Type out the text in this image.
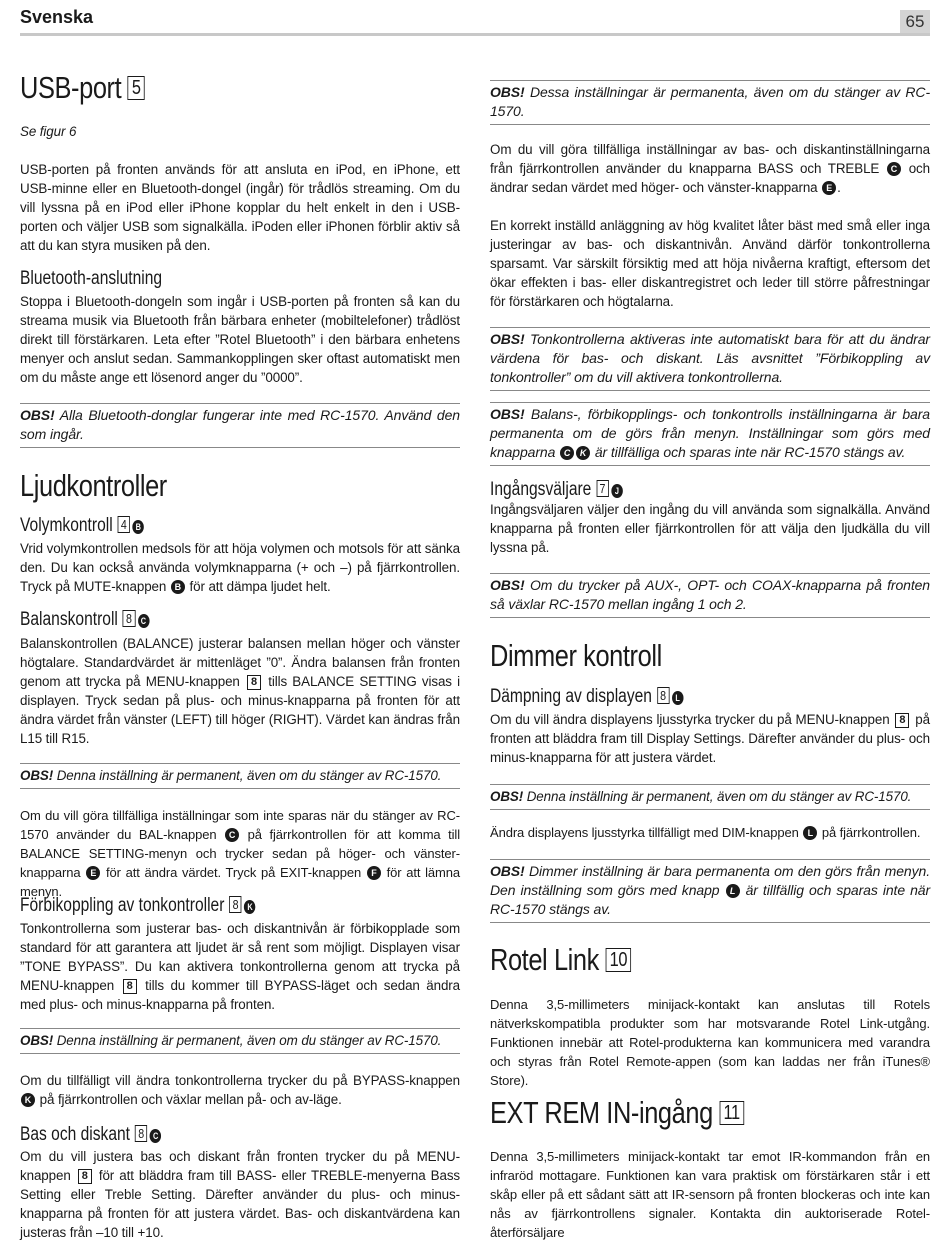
Svenska	65
USB-port 5

Se figur 6

USB-porten på fronten används för att ansluta en iPod, en iPhone, ett USB-minne eller en Bluetooth-dongel (ingår) för trådlös streaming. Om du vill lyssna på en iPod eller iPhone kopplar du helt enkelt in den i USB-porten och väljer USB som signalkälla. iPoden eller iPhonen förblir aktiv så att du kan styra musiken på den.

Bluetooth-anslutning

Stoppa i Bluetooth-dongeln som ingår i USB-porten på fronten så kan du streama musik via Bluetooth från bärbara enheter (mobiltelefoner) trådlöst direkt till förstärkaren. Leta efter ”Rotel Bluetooth” i den bärbara enhetens menyer och anslut sedan. Sammankopplingen sker oftast automatiskt men om du måste ange ett lösenord anger du ”0000”.

OBS! Alla Bluetooth-donglar fungerar inte med RC-1570. Använd den som ingår.

Ljudkontroller
Volymkontroll 4 B

Vrid volymkontrollen medsols för att höja volymen och motsols för att sänka den. Du kan också använda volymknapparna (+ och –) på fjärrkontrollen. Tryck på MUTE-knappen B för att dämpa ljudet helt.

Balanskontroll 8 C

Balanskontrollen (BALANCE) justerar balansen mellan höger och vänster högtalare. Standardvärdet är mittenläget ”0”. Ändra balansen från fronten genom att trycka på MENU-knappen 8 tills BALANCE SETTING visas i displayen. Tryck sedan på plus- och minus-knapparna på fronten för att ändra värdet från vänster (LEFT) till höger (RIGHT). Värdet kan ändras från L15 till R15.

OBS! Denna inställning är permanent, även om du stänger av RC-1570.

Om du vill göra tillfälliga inställningar som inte sparas när du stänger av RC-1570 använder du BAL-knappen C på fjärrkontrollen för att komma till BALANCE SETTING-menyn och trycker sedan på höger- och vänster-knapparna E för att ändra värdet. Tryck på EXIT-knappen F för att lämna menyn.

Förbikoppling av tonkontroller 8 K

Tonkontrollerna som justerar bas- och diskantnivån är förbikopplade som standard för att garantera att ljudet är så rent som möjligt. Displayen visar ”TONE BYPASS”. Du kan aktivera tonkontrollerna genom att trycka på MENU-knappen 8 tills du kommer till BYPASS-läget och sedan ändra med plus- och minus-knapparna på fronten.

OBS! Denna inställning är permanent, även om du stänger av RC-1570.

Om du tillfälligt vill ändra tonkontrollerna trycker du på BYPASS-knappen K på fjärrkontrollen och växlar mellan på- och av-läge.

Bas och diskant 8 C

Om du vill justera bas och diskant från fronten trycker du på MENU-knappen 8 för att bläddra fram till BASS- eller TREBLE-menyerna Bass Setting eller Treble Setting. Därefter använder du plus- och minus-knapparna på fronten för att justera värdet. Bas- och diskantvärdena kan justeras från –10 till +10.

OBS! Dessa inställningar är permanenta, även om du stänger av RC-1570.

Om du vill göra tillfälliga inställningar av bas- och diskantinställningarna från fjärrkontrollen använder du knapparna BASS och TREBLE C och ändrar sedan värdet med höger- och vänster-knapparna E .

En korrekt inställd anläggning av hög kvalitet låter bäst med små eller inga justeringar av bas- och diskantnivån. Använd därför tonkontrollerna sparsamt. Var särskilt försiktig med att höja nivåerna kraftigt, eftersom det ökar effekten i bas- eller diskantregistret och leder till större påfrestningar för förstärkaren och högtalarna.

OBS! Tonkontrollerna aktiveras inte automatiskt bara för att du ändrar värdena för bas- och diskant. Läs avsnittet ”Förbikoppling av tonkontroller” om du vill aktivera tonkontrollerna.

OBS! Balans-, förbikopplings- och tonkontrolls inställningarna är bara permanenta om de görs från menyn. Inställningar som görs med knapparna C K är tillfälliga och sparas inte när RC-1570 stängs av.

Ingångsväljare 7 J

Ingångsväljaren väljer den ingång du vill använda som signalkälla. Använd knapparna på fronten eller fjärrkontrollen för att välja den ljudkälla du vill lyssna på.

OBS! Om du trycker på AUX-, OPT- och COAX-knapparna på fronten så växlar RC-1570 mellan ingång 1 och 2.

Dimmer kontroll
Dämpning av displayen 8 L

Om du vill ändra displayens ljusstyrka trycker du på MENU-knappen 8 på fronten att bläddra fram till Display Settings. Därefter använder du plus- och minus-knapparna för att justera värdet.

OBS! Denna inställning är permanent, även om du stänger av RC-1570.

Ändra displayens ljusstyrka tillfälligt med DIM-knappen L på fjärrkontrollen.

OBS! Dimmer inställning är bara permanenta om den görs från menyn. Den inställning som görs med knapp L är tillfällig och sparas inte när RC-1570 stängs av.

Rotel Link 10

Denna 3,5-millimeters minijack-kontakt kan anslutas till Rotels nätverkskompatibla produkter som har motsvarande Rotel Link-utgång. Funktionen innebär att Rotel-produkterna kan kommunicera med varandra och styras från Rotel Remote-appen (som kan laddas ner från iTunes® Store).

EXT REM IN-ingång 11

Denna 3,5-millimeters minijack-kontakt tar emot IR-kommandon från en infraröd mottagare. Funktionen kan vara praktisk om förstärkaren står i ett skåp eller på ett sådant sätt att IR-sensorn på fronten blockeras och inte kan nås av fjärrkontrollens signaler. Kontakta din auktoriserade Rotel-återförsäljare
